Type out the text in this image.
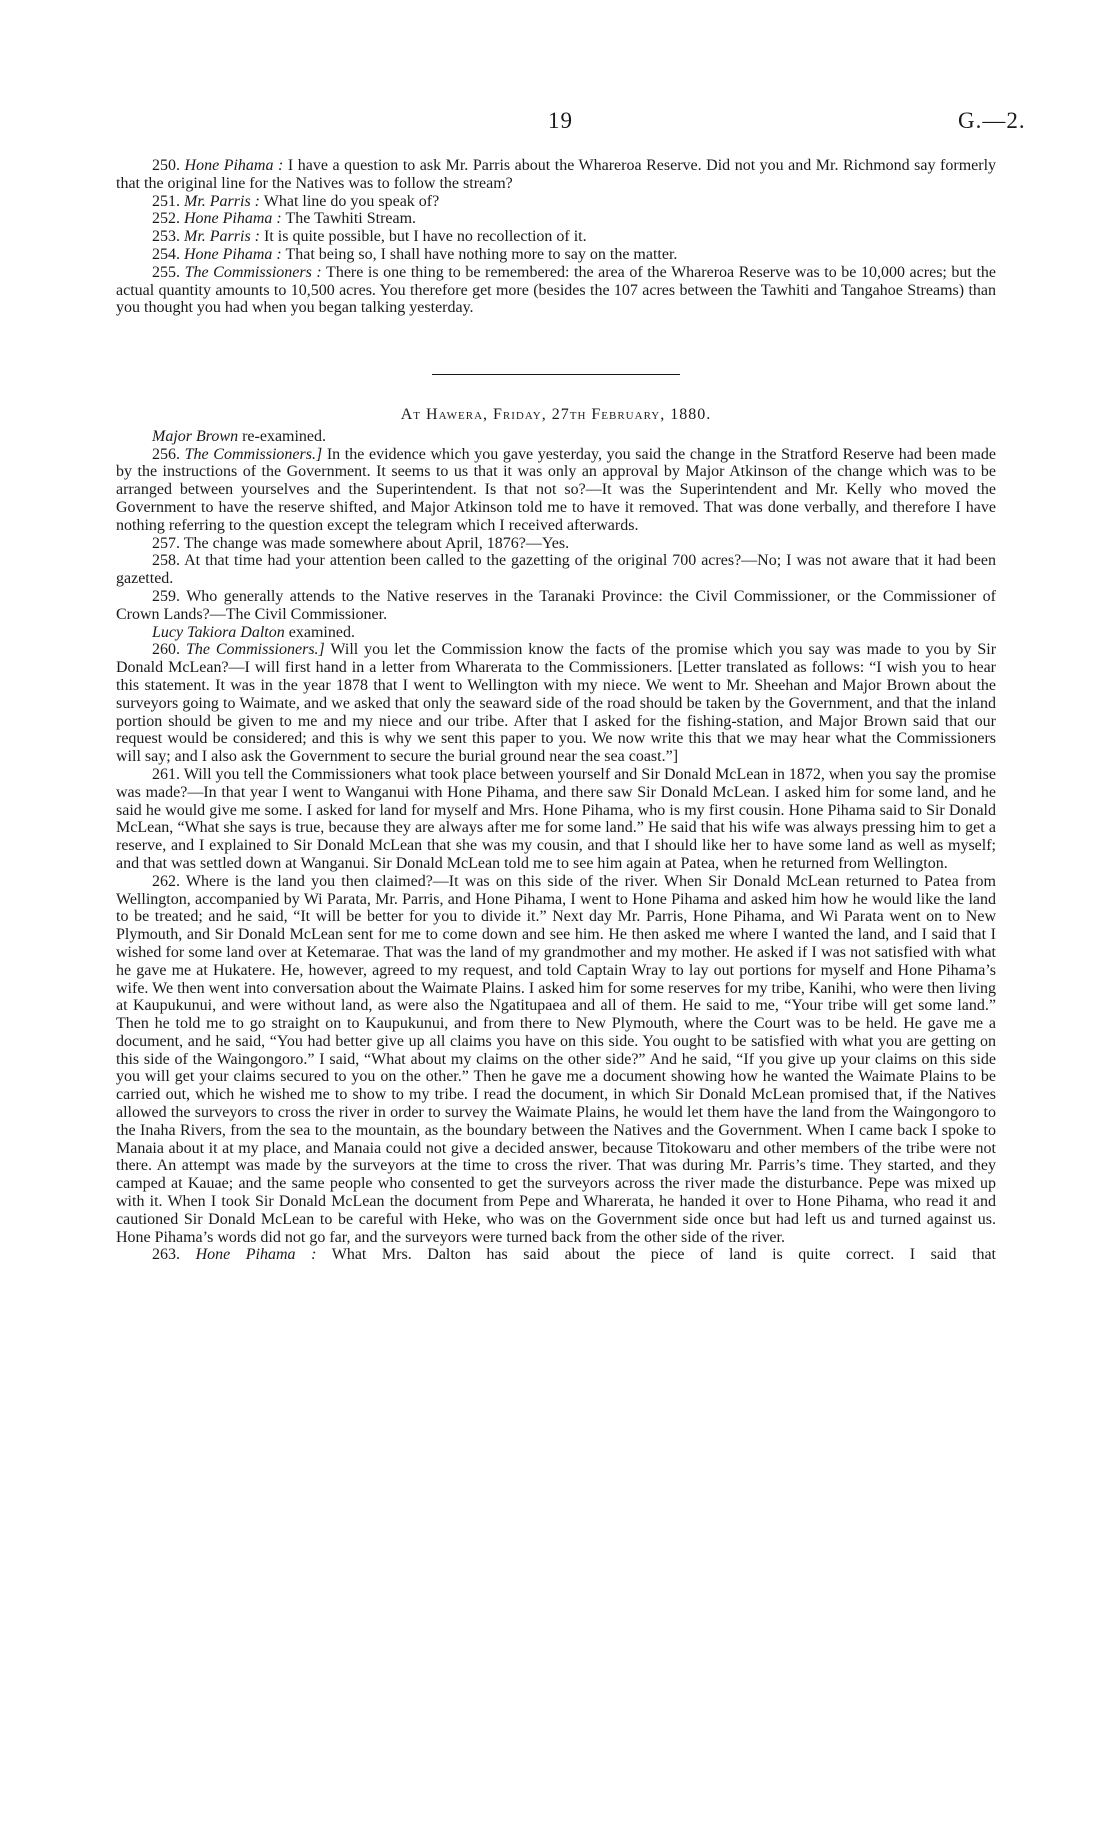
19	G.—2.

250. Hone Pihama : I have a question to ask Mr. Parris about the Whareroa Reserve. Did not you and Mr. Richmond say formerly that the original line for the Natives was to follow the stream?

251. Mr. Parris : What line do you speak of?

252. Hone Pihama : The Tawhiti Stream.

253. Mr. Parris : It is quite possible, but I have no recollection of it.

254. Hone Pihama : That being so, I shall have nothing more to say on the matter.

255. The Commissioners : There is one thing to be remembered: the area of the Whareroa Reserve was to be 10,000 acres; but the actual quantity amounts to 10,500 acres. You therefore get more (besides the 107 acres between the Tawhiti and Tangahoe Streams) than you thought you had when you began talking yesterday.

At Hawera, Friday, 27th February, 1880.

Major Brown re-examined.

256. The Commissioners.] In the evidence which you gave yesterday, you said the change in the Stratford Reserve had been made by the instructions of the Government. It seems to us that it was only an approval by Major Atkinson of the change which was to be arranged between yourselves and the Superintendent. Is that not so?—It was the Superintendent and Mr. Kelly who moved the Government to have the reserve shifted, and Major Atkinson told me to have it removed. That was done verbally, and therefore I have nothing referring to the question except the telegram which I received afterwards.

257. The change was made somewhere about April, 1876?—Yes.

258. At that time had your attention been called to the gazetting of the original 700 acres?—No; I was not aware that it had been gazetted.

259. Who generally attends to the Native reserves in the Taranaki Province: the Civil Commissioner, or the Commissioner of Crown Lands?—The Civil Commissioner.

Lucy Takiora Dalton examined.

260. The Commissioners.] Will you let the Commission know the facts of the promise which you say was made to you by Sir Donald McLean?—I will first hand in a letter from Wharerata to the Commissioners. [Letter translated as follows: “I wish you to hear this statement. It was in the year 1878 that I went to Wellington with my niece. We went to Mr. Sheehan and Major Brown about the surveyors going to Waimate, and we asked that only the seaward side of the road should be taken by the Government, and that the inland portion should be given to me and my niece and our tribe. After that I asked for the fishing-station, and Major Brown said that our request would be considered; and this is why we sent this paper to you. We now write this that we may hear what the Commissioners will say; and I also ask the Government to secure the burial ground near the sea coast.”]

261. Will you tell the Commissioners what took place between yourself and Sir Donald McLean in 1872, when you say the promise was made?—In that year I went to Wanganui with Hone Pihama, and there saw Sir Donald McLean. I asked him for some land, and he said he would give me some. I asked for land for myself and Mrs. Hone Pihama, who is my first cousin. Hone Pihama said to Sir Donald McLean, “What she says is true, because they are always after me for some land.” He said that his wife was always pressing him to get a reserve, and I explained to Sir Donald McLean that she was my cousin, and that I should like her to have some land as well as myself; and that was settled down at Wanganui. Sir Donald McLean told me to see him again at Patea, when he returned from Wellington.

262. Where is the land you then claimed?—It was on this side of the river. When Sir Donald McLean returned to Patea from Wellington, accompanied by Wi Parata, Mr. Parris, and Hone Pihama, I went to Hone Pihama and asked him how he would like the land to be treated; and he said, “It will be better for you to divide it.” Next day Mr. Parris, Hone Pihama, and Wi Parata went on to New Plymouth, and Sir Donald McLean sent for me to come down and see him. He then asked me where I wanted the land, and I said that I wished for some land over at Ketemarae. That was the land of my grandmother and my mother. He asked if I was not satisfied with what he gave me at Hukatere. He, however, agreed to my request, and told Captain Wray to lay out portions for myself and Hone Pihama’s wife. We then went into conversation about the Waimate Plains. I asked him for some reserves for my tribe, Kanihi, who were then living at Kaupukunui, and were without land, as were also the Ngatitupaea and all of them. He said to me, “Your tribe will get some land.” Then he told me to go straight on to Kaupukunui, and from there to New Plymouth, where the Court was to be held. He gave me a document, and he said, “You had better give up all claims you have on this side. You ought to be satisfied with what you are getting on this side of the Waingongoro.” I said, “What about my claims on the other side?” And he said, “If you give up your claims on this side you will get your claims secured to you on the other.” Then he gave me a document showing how he wanted the Waimate Plains to be carried out, which he wished me to show to my tribe. I read the document, in which Sir Donald McLean promised that, if the Natives allowed the surveyors to cross the river in order to survey the Waimate Plains, he would let them have the land from the Waingongoro to the Inaha Rivers, from the sea to the mountain, as the boundary between the Natives and the Government. When I came back I spoke to Manaia about it at my place, and Manaia could not give a decided answer, because Titokowaru and other members of the tribe were not there. An attempt was made by the surveyors at the time to cross the river. That was during Mr. Parris’s time. They started, and they camped at Kauae; and the same people who consented to get the surveyors across the river made the disturbance. Pepe was mixed up with it. When I took Sir Donald McLean the document from Pepe and Wharerata, he handed it over to Hone Pihama, who read it and cautioned Sir Donald McLean to be careful with Heke, who was on the Government side once but had left us and turned against us. Hone Pihama’s words did not go far, and the surveyors were turned back from the other side of the river.

263. Hone Pihama : What Mrs. Dalton has said about the piece of land is quite correct. I said that
